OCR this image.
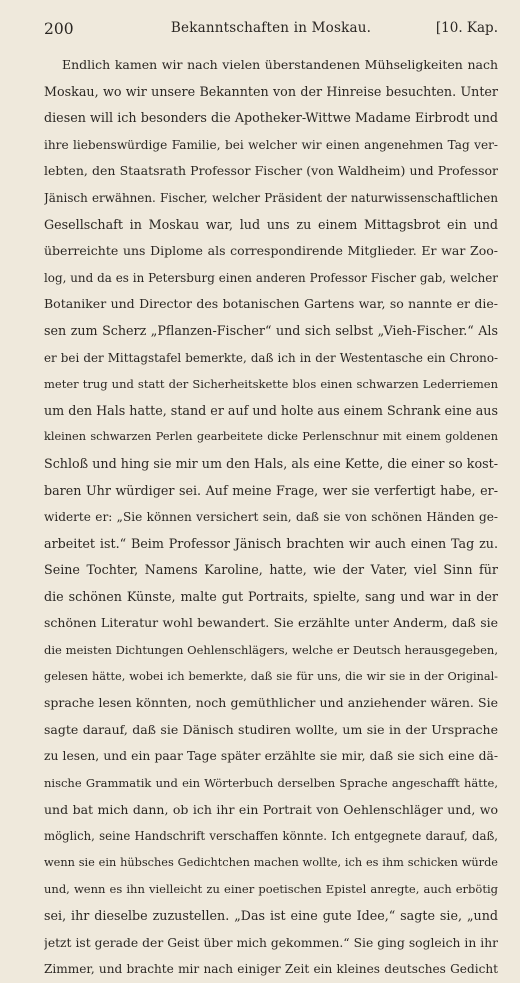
200	Bekanntschaften in Moskau.	[10. Kap.
Endlich kamen wir nach vielen überstandenen Mühseligkeiten nach
Moskau, wo wir unsere Bekannten von der Hinreise besuchten. Unter
diesen will ich besonders die Apotheker-Wittwe Madame Eirbrodt und
ihre liebenswürdige Familie, bei welcher wir einen angenehmen Tag ver-
lebten, den Staatsrath Professor Fischer (von Waldheim) und Professor
Jänisch erwähnen. Fischer, welcher Präsident der naturwissenschaftlichen
Gesellschaft in Moskau war, lud uns zu einem Mittagsbrot ein und
überreichte uns Diplome als correspondirende Mitglieder. Er war Zoo-
log, und da es in Petersburg einen anderen Professor Fischer gab, welcher
Botaniker und Director des botanischen Gartens war, so nannte er die-
sen zum Scherz „Pflanzen-Fischer“ und sich selbst „Vieh-Fischer.“ Als
er bei der Mittagstafel bemerkte, daß ich in der Westentasche ein Chrono-
meter trug und statt der Sicherheitskette blos einen schwarzen Lederriemen
um den Hals hatte, stand er auf und holte aus einem Schrank eine aus
kleinen schwarzen Perlen gearbeitete dicke Perlenschnur mit einem goldenen
Schloß und hing sie mir um den Hals, als eine Kette, die einer so kost-
baren Uhr würdiger sei. Auf meine Frage, wer sie verfertigt habe, er-
widerte er: „Sie können versichert sein, daß sie von schönen Händen ge-
arbeitet ist.“ Beim Professor Jänisch brachten wir auch einen Tag zu.
Seine Tochter, Namens Karoline, hatte, wie der Vater, viel Sinn für
die schönen Künste, malte gut Portraits, spielte, sang und war in der
schönen Literatur wohl bewandert. Sie erzählte unter Anderm, daß sie
die meisten Dichtungen Oehlenschlägers, welche er Deutsch herausgegeben,
gelesen hätte, wobei ich bemerkte, daß sie für uns, die wir sie in der Original-
sprache lesen könnten, noch gemüthlicher und anziehender wären. Sie
sagte darauf, daß sie Dänisch studiren wollte, um sie in der Ursprache
zu lesen, und ein paar Tage später erzählte sie mir, daß sie sich eine dä-
nische Grammatik und ein Wörterbuch derselben Sprache angeschafft hätte,
und bat mich dann, ob ich ihr ein Portrait von Oehlenschläger und, wo
möglich, seine Handschrift verschaffen könnte. Ich entgegnete darauf, daß,
wenn sie ein hübsches Gedichtchen machen wollte, ich es ihm schicken würde
und, wenn es ihn vielleicht zu einer poetischen Epistel anregte, auch erbötig
sei, ihr dieselbe zuzustellen. „Das ist eine gute Idee,“ sagte sie, „und
jetzt ist gerade der Geist über mich gekommen.“ Sie ging sogleich in ihr
Zimmer, und brachte mir nach einiger Zeit ein kleines deutsches Gedicht
